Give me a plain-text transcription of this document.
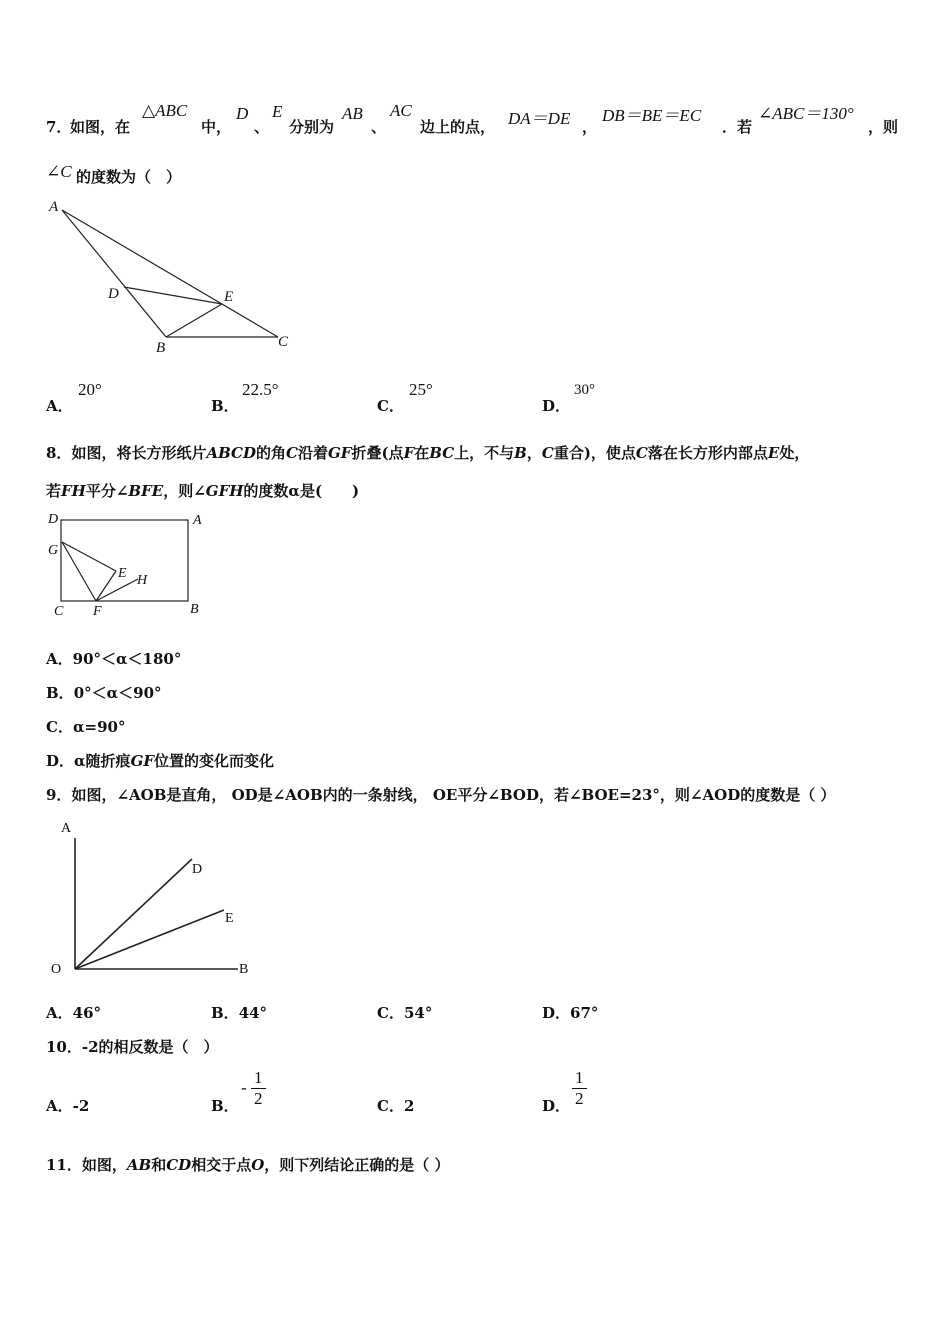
7．
如图，在
△ABC
中，
D
、
E
分别为
AB
、
AC
边上的点， DA＝DE ，
DB＝BE＝EC
．若
∠ABC＝130°
，则
∠C 的度数为（　）
A
D	E
B	C
A．
20°
B．
22.5°
C．
25°
D．
30°
8．如图，将长方形纸片ABCD的角C沿着GF折叠(点F在BC上，不与B，C重合)，使点C落在长方形内部点E处，
若FH平分∠BFE，则∠GFH的度数α是(　　)
D	A
G
E H
C F	B
A．90°＜α＜180°
B．0°＜α＜90°
C．α=90°
D．α随折痕GF位置的变化而变化
9．如图，∠AOB是直角， OD是∠AOB内的一条射线， OE平分∠BOD，若∠BOE=23°，则∠AOD的度数是（ ）
A
D
E
O	B
A．46°	B．44°	C．54°	D．67°
10．-2的相反数是（　）
A．-2	B．
- $\frac{1}{2}$	C．2	D． $\frac{1}{2}$
11．如图，AB和CD相交于点O，则下列结论正确的是（ ）
